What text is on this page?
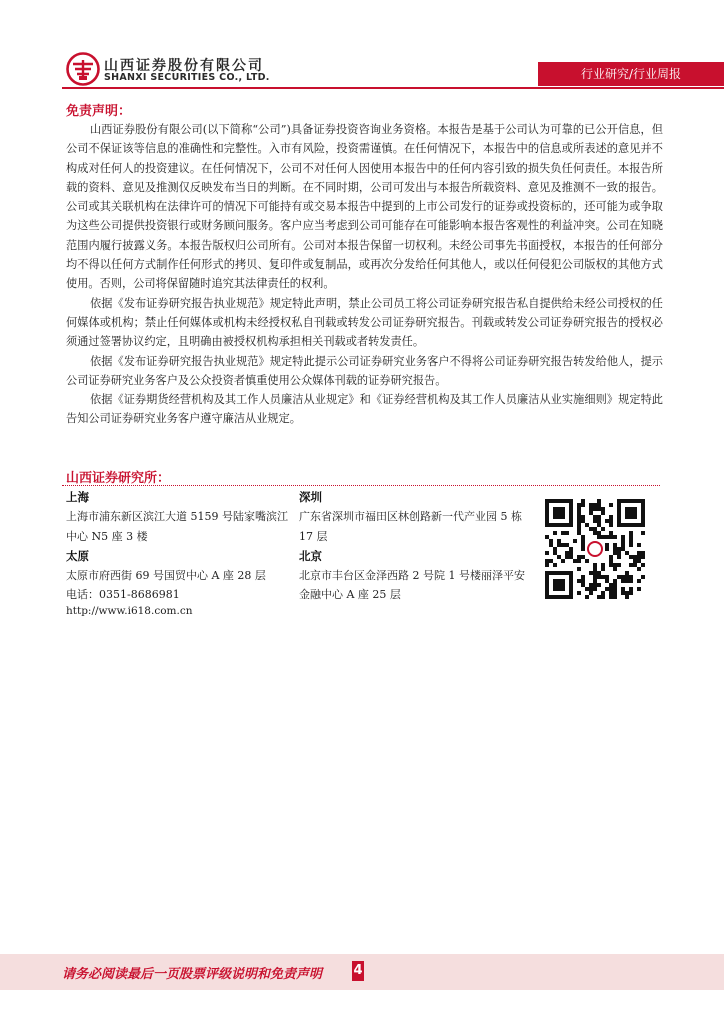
山西证券股份有限公司
SHANXI SECURITIES CO., LTD.	行业研究/行业周报
免责声明：

山西证券股份有限公司(以下简称“公司”)具备证券投资咨询业务资格。本报告是基于公司认为可靠的已公开信息，但公司不保证该等信息的准确性和完整性。入市有风险，投资需谨慎。在任何情况下，本报告中的信息或所表述的意见并不构成对任何人的投资建议。在任何情况下，公司不对任何人因使用本报告中的任何内容引致的损失负任何责任。本报告所载的资料、意见及推测仅反映发布当日的判断。在不同时期，公司可发出与本报告所载资料、意见及推测不一致的报告。公司或其关联机构在法律许可的情况下可能持有或交易本报告中提到的上市公司发行的证券或投资标的，还可能为或争取为这些公司提供投资银行或财务顾问服务。客户应当考虑到公司可能存在可能影响本报告客观性的利益冲突。公司在知晓范围内履行披露义务。本报告版权归公司所有。公司对本报告保留一切权利。未经公司事先书面授权，本报告的任何部分均不得以任何方式制作任何形式的拷贝、复印件或复制品，或再次分发给任何其他人，或以任何侵犯公司版权的其他方式使用。否则，公司将保留随时追究其法律责任的权利。

依据《发布证券研究报告执业规范》规定特此声明，禁止公司员工将公司证券研究报告私自提供给未经公司授权的任何媒体或机构；禁止任何媒体或机构未经授权私自刊载或转发公司证券研究报告。刊载或转发公司证券研究报告的授权必须通过签署协议约定，且明确由被授权机构承担相关刊载或者转发责任。

依据《发布证券研究报告执业规范》规定特此提示公司证券研究业务客户不得将公司证券研究报告转发给他人，提示公司证券研究业务客户及公众投资者慎重使用公众媒体刊载的证券研究报告。

依据《证券期货经营机构及其工作人员廉洁从业规定》和《证券经营机构及其工作人员廉洁从业实施细则》规定特此告知公司证券研究业务客户遵守廉洁从业规定。

山西证券研究所：
上海
上海市浦东新区滨江大道 5159 号陆家嘴滨江中心 N5 座 3 楼
太原
太原市府西街 69 号国贸中心 A 座 28 层
电话：0351-8686981
深圳
广东省深圳市福田区林创路新一代产业园 5 栋 17 层
北京
北京市丰台区金泽西路 2 号院 1 号楼丽泽平安金融中心 A 座 25 层
http://www.i618.com.cn
请务必阅读最后一页股票评级说明和免责声明 4
